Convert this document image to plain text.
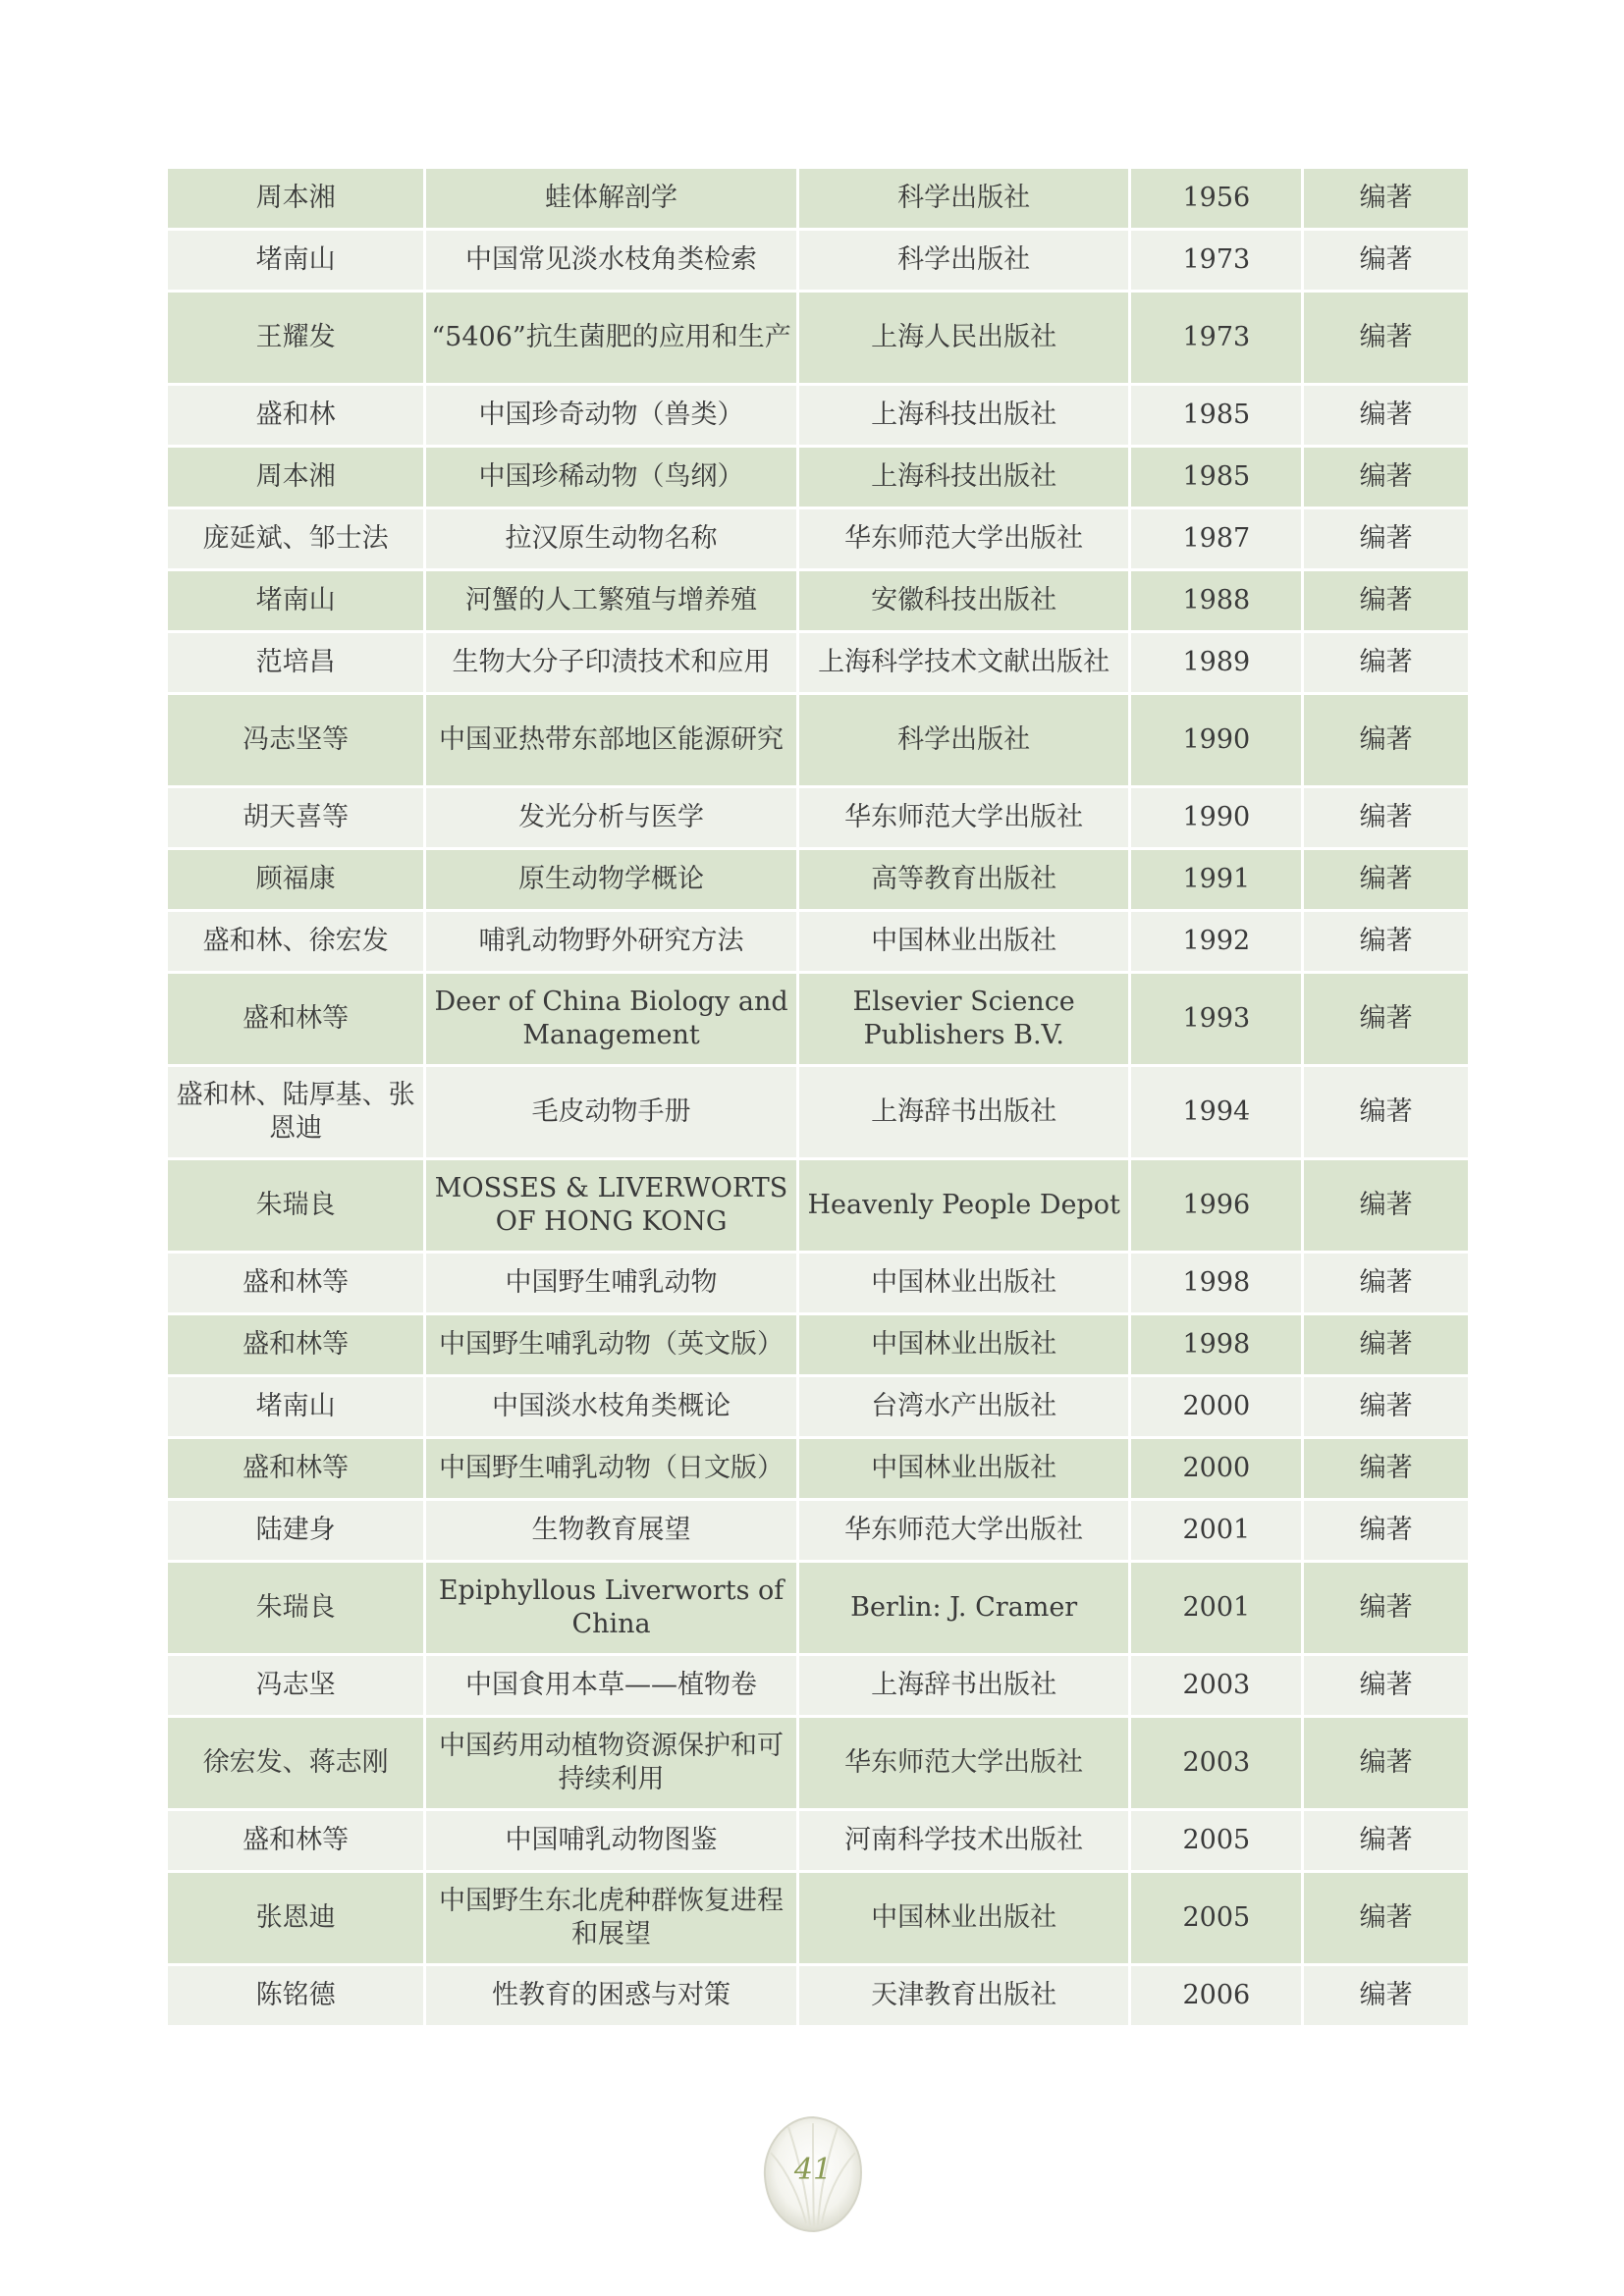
周本湘	蛙体解剖学	科学出版社	1956	编著
堵南山	中国常见淡水枝角类检索	科学出版社	1973	编著
王耀发	“5406”抗生菌肥的应用和生产	上海人民出版社	1973	编著
盛和林	中国珍奇动物（兽类）	上海科技出版社	1985	编著
周本湘	中国珍稀动物（鸟纲）	上海科技出版社	1985	编著
庞延斌、邹士法	拉汉原生动物名称	华东师范大学出版社	1987	编著
堵南山	河蟹的人工繁殖与增养殖	安徽科技出版社	1988	编著
范培昌	生物大分子印渍技术和应用	上海科学技术文献出版社	1989	编著
冯志坚等	中国亚热带东部地区能源研究	科学出版社	1990	编著
胡天喜等	发光分析与医学	华东师范大学出版社	1990	编著
顾福康	原生动物学概论	高等教育出版社	1991	编著
盛和林、徐宏发	哺乳动物野外研究方法	中国林业出版社	1992	编著
盛和林等	Deer of China Biology and Management	Elsevier Science Publishers B.V.	1993	编著
盛和林、陆厚基、张恩迪	毛皮动物手册	上海辞书出版社	1994	编著
朱瑞良	MOSSES & LIVERWORTS OF HONG KONG	Heavenly People Depot	1996	编著
盛和林等	中国野生哺乳动物	中国林业出版社	1998	编著
盛和林等	中国野生哺乳动物（英文版）	中国林业出版社	1998	编著
堵南山	中国淡水枝角类概论	台湾水产出版社	2000	编著
盛和林等	中国野生哺乳动物（日文版）	中国林业出版社	2000	编著
陆建身	生物教育展望	华东师范大学出版社	2001	编著
朱瑞良	Epiphyllous Liverworts of China	Berlin: J. Cramer	2001	编著
冯志坚	中国食用本草——植物卷	上海辞书出版社	2003	编著
徐宏发、蒋志刚	中国药用动植物资源保护和可持续利用	华东师范大学出版社	2003	编著
盛和林等	中国哺乳动物图鉴	河南科学技术出版社	2005	编著
张恩迪	中国野生东北虎种群恢复进程和展望	中国林业出版社	2005	编著
陈铭德	性教育的困惑与对策	天津教育出版社	2006	编著
41
